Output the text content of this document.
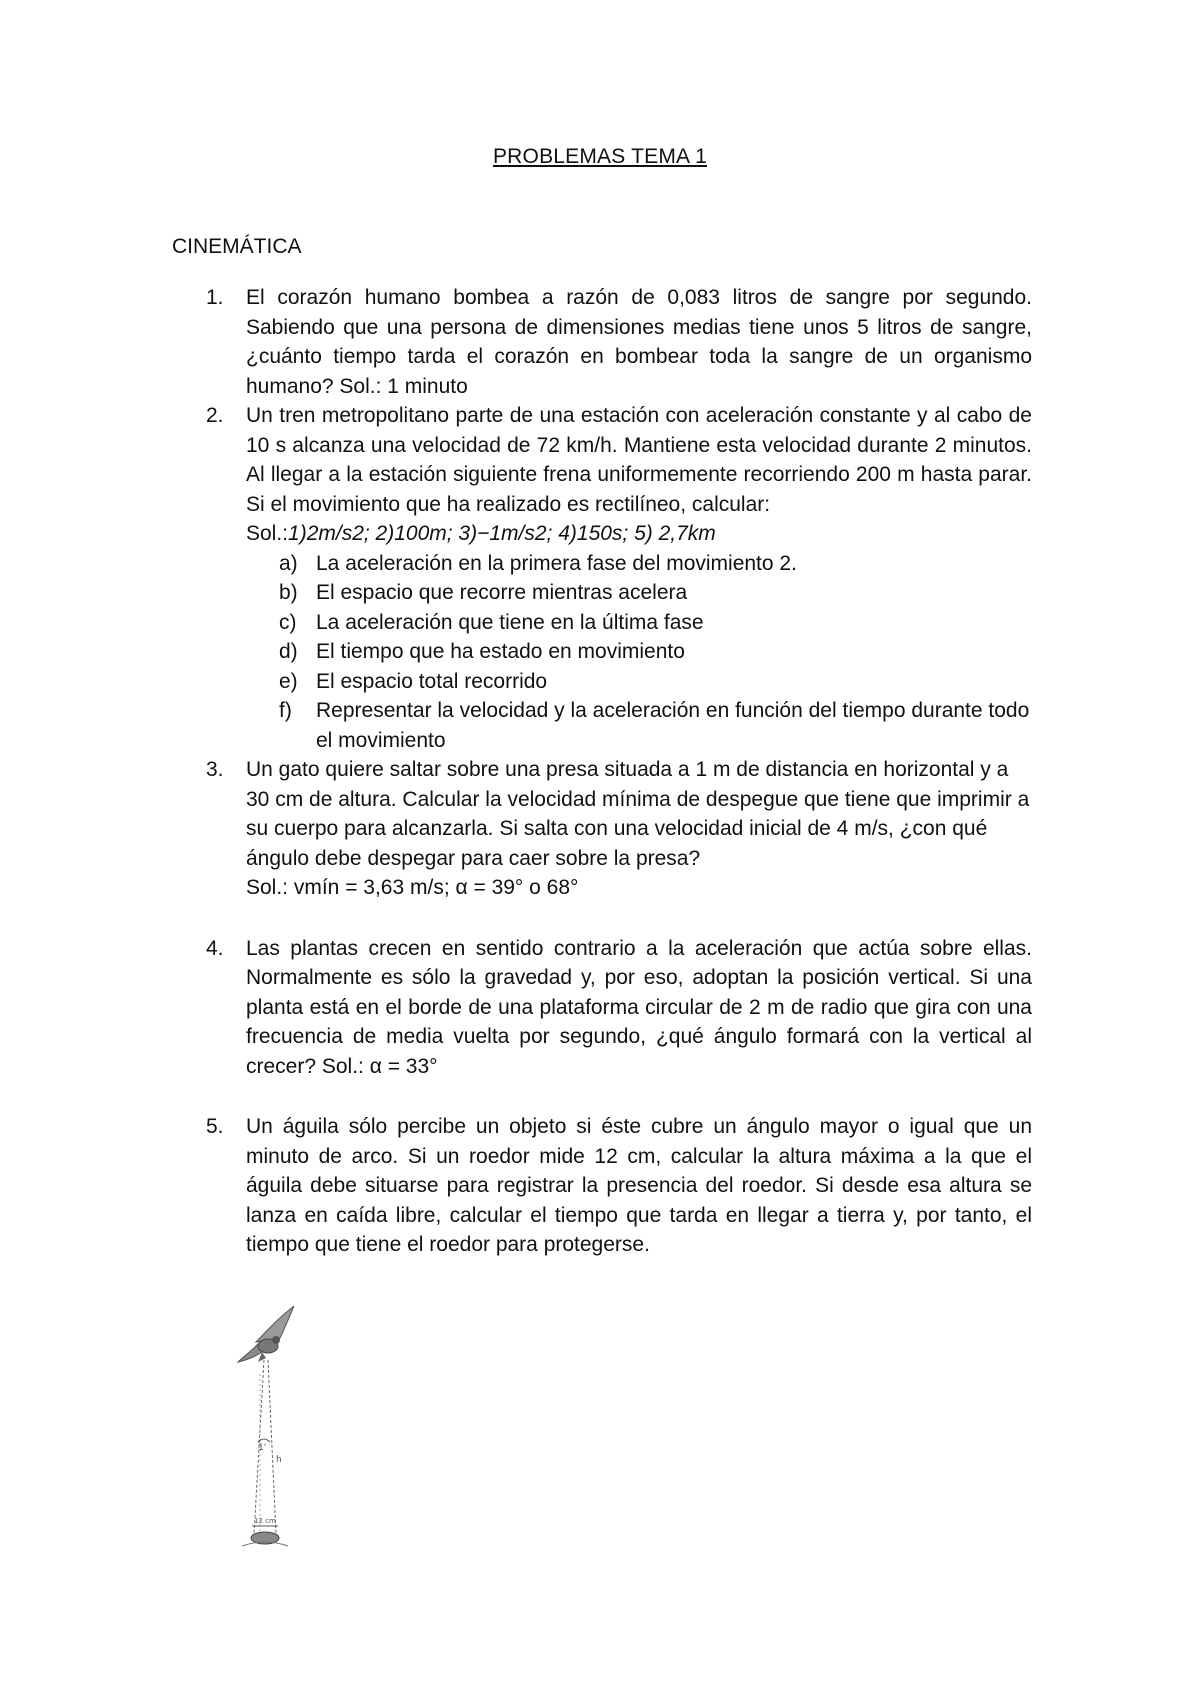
PROBLEMAS TEMA 1
CINEMÁTICA
1. El corazón humano bombea a razón de 0,083 litros de sangre por segundo. Sabiendo que una persona de dimensiones medias tiene unos 5 litros de sangre, ¿cuánto tiempo tarda el corazón en bombear toda la sangre de un organismo humano? Sol.: 1 minuto
2. Un tren metropolitano parte de una estación con aceleración constante y al cabo de 10 s alcanza una velocidad de 72 km/h. Mantiene esta velocidad durante 2 minutos. Al llegar a la estación siguiente frena uniformemente recorriendo 200 m hasta parar. Si el movimiento que ha realizado es rectilíneo, calcular:
Sol.:1)2m/s2; 2)100m; 3)−1m/s2; 4)150s; 5) 2,7km
a) La aceleración en la primera fase del movimiento 2.
b) El espacio que recorre mientras acelera
c) La aceleración que tiene en la última fase
d) El tiempo que ha estado en movimiento
e) El espacio total recorrido
f) Representar la velocidad y la aceleración en función del tiempo durante todo el movimiento
3. Un gato quiere saltar sobre una presa situada a 1 m de distancia en horizontal y a 30 cm de altura. Calcular la velocidad mínima de despegue que tiene que imprimir a su cuerpo para alcanzarla. Si salta con una velocidad inicial de 4 m/s, ¿con qué ángulo debe despegar para caer sobre la presa?
Sol.: vmín = 3,63 m/s; α = 39° o 68°
4. Las plantas crecen en sentido contrario a la aceleración que actúa sobre ellas. Normalmente es sólo la gravedad y, por eso, adoptan la posición vertical. Si una planta está en el borde de una plataforma circular de 2 m de radio que gira con una frecuencia de media vuelta por segundo, ¿qué ángulo formará con la vertical al crecer? Sol.: α = 33°
5. Un águila sólo percibe un objeto si éste cubre un ángulo mayor o igual que un minuto de arco. Si un roedor mide 12 cm, calcular la altura máxima a la que el águila debe situarse para registrar la presencia del roedor. Si desde esa altura se lanza en caída libre, calcular el tiempo que tarda en llegar a tierra y, por tanto, el tiempo que tiene el roedor para protegerse.
1'
h
12 cm
